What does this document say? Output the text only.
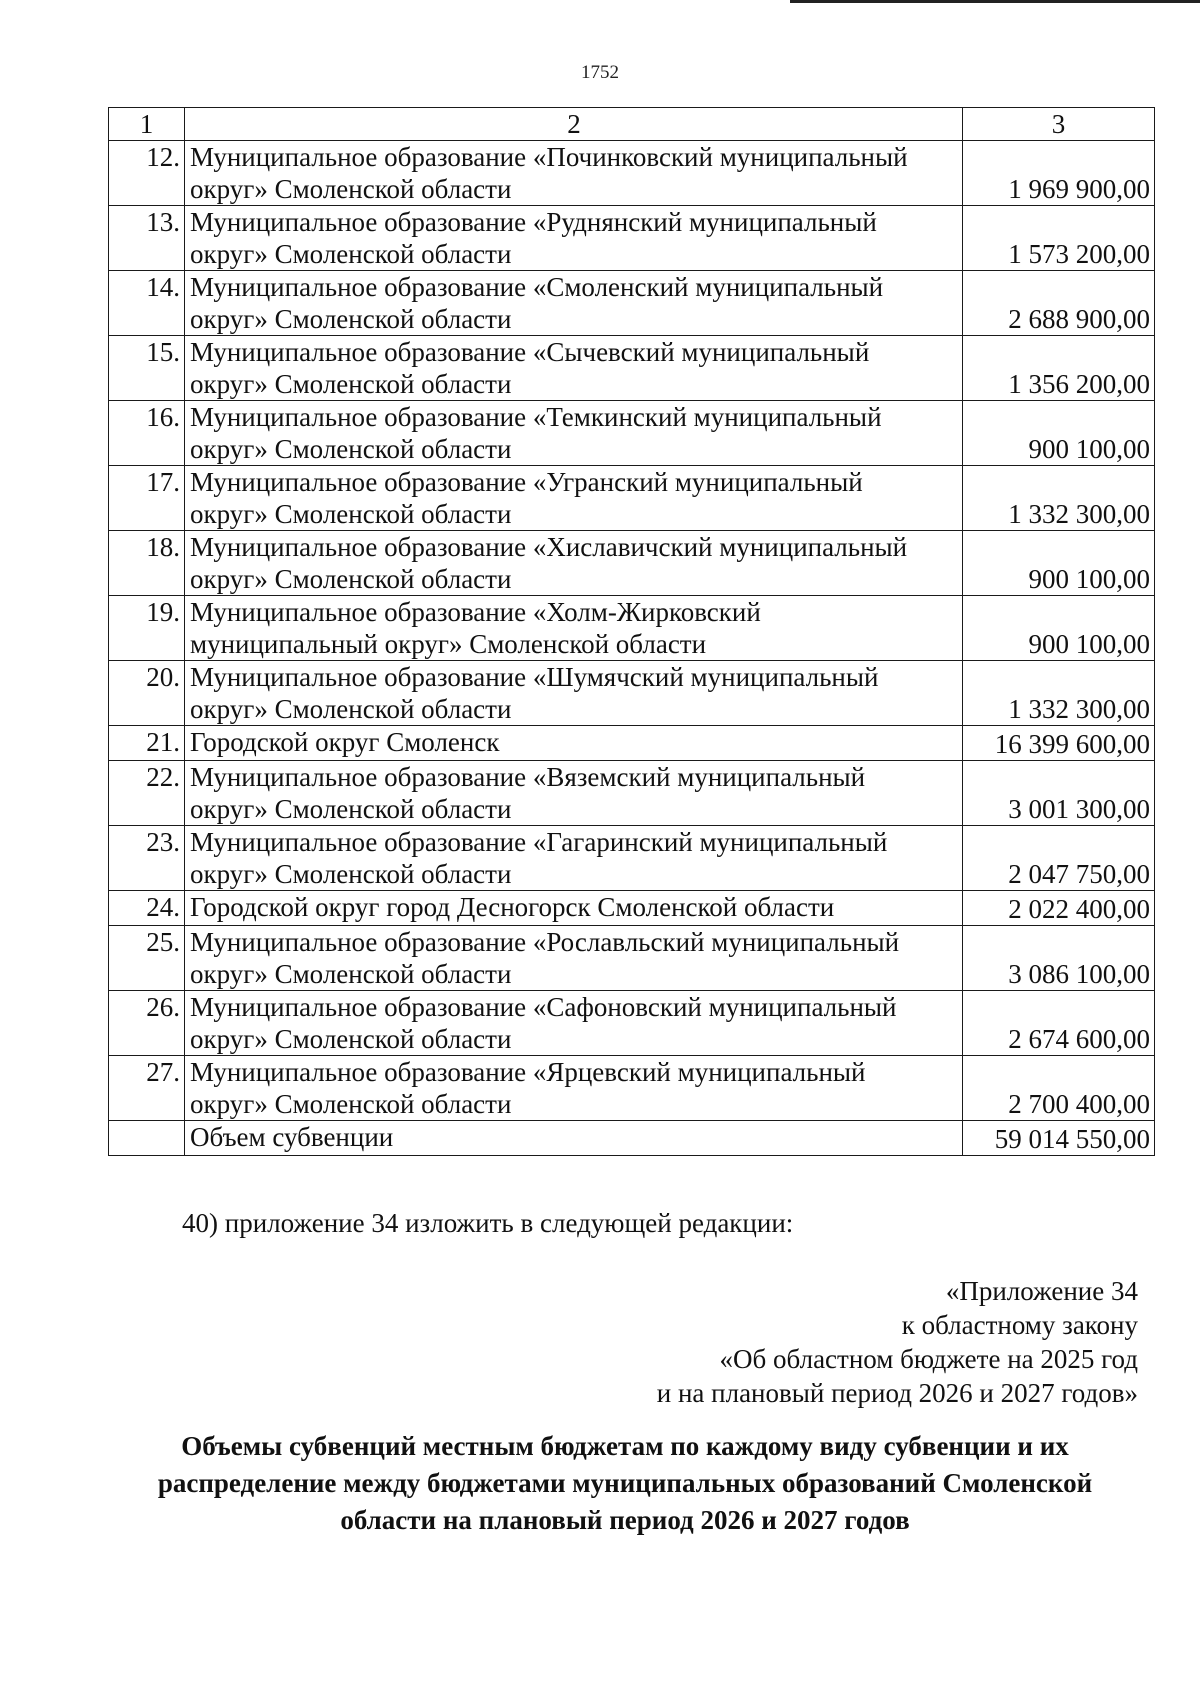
1752
1	2	3
12.	Муниципальное образование «Починковский муниципальный
округ» Смоленской области	1 969 900,00
13.	Муниципальное образование «Руднянский муниципальный
округ» Смоленской области	1 573 200,00
14.	Муниципальное образование «Смоленский муниципальный
округ» Смоленской области	2 688 900,00
15.	Муниципальное образование «Сычевский муниципальный
округ» Смоленской области	1 356 200,00
16.	Муниципальное образование «Темкинский муниципальный
округ» Смоленской области	900 100,00
17.	Муниципальное образование «Угранский муниципальный
округ» Смоленской области	1 332 300,00
18.	Муниципальное образование «Хиславичский муниципальный
округ» Смоленской области	900 100,00
19.	Муниципальное образование «Холм-Жирковский
муниципальный округ» Смоленской области	900 100,00
20.	Муниципальное образование «Шумячский муниципальный
округ» Смоленской области	1 332 300,00
21.	Городской округ Смоленск	16 399 600,00
22.	Муниципальное образование «Вяземский муниципальный
округ» Смоленской области	3 001 300,00
23.	Муниципальное образование «Гагаринский муниципальный
округ» Смоленской области	2 047 750,00
24.	Городской округ город Десногорск Смоленской области	2 022 400,00
25.	Муниципальное образование «Рославльский муниципальный
округ» Смоленской области	3 086 100,00
26.	Муниципальное образование «Сафоновский муниципальный
округ» Смоленской области	2 674 600,00
27.	Муниципальное образование «Ярцевский муниципальный
округ» Смоленской области	2 700 400,00
	Объем субвенции	59 014 550,00
40) приложение 34 изложить в следующей редакции:
«Приложение 34
к областному закону
«Об областном бюджете на 2025 год
и на плановый период 2026 и 2027 годов»
Объемы субвенций местным бюджетам по каждому виду субвенции и их
распределение между бюджетами муниципальных образований Смоленской
области на плановый период 2026 и 2027 годов
